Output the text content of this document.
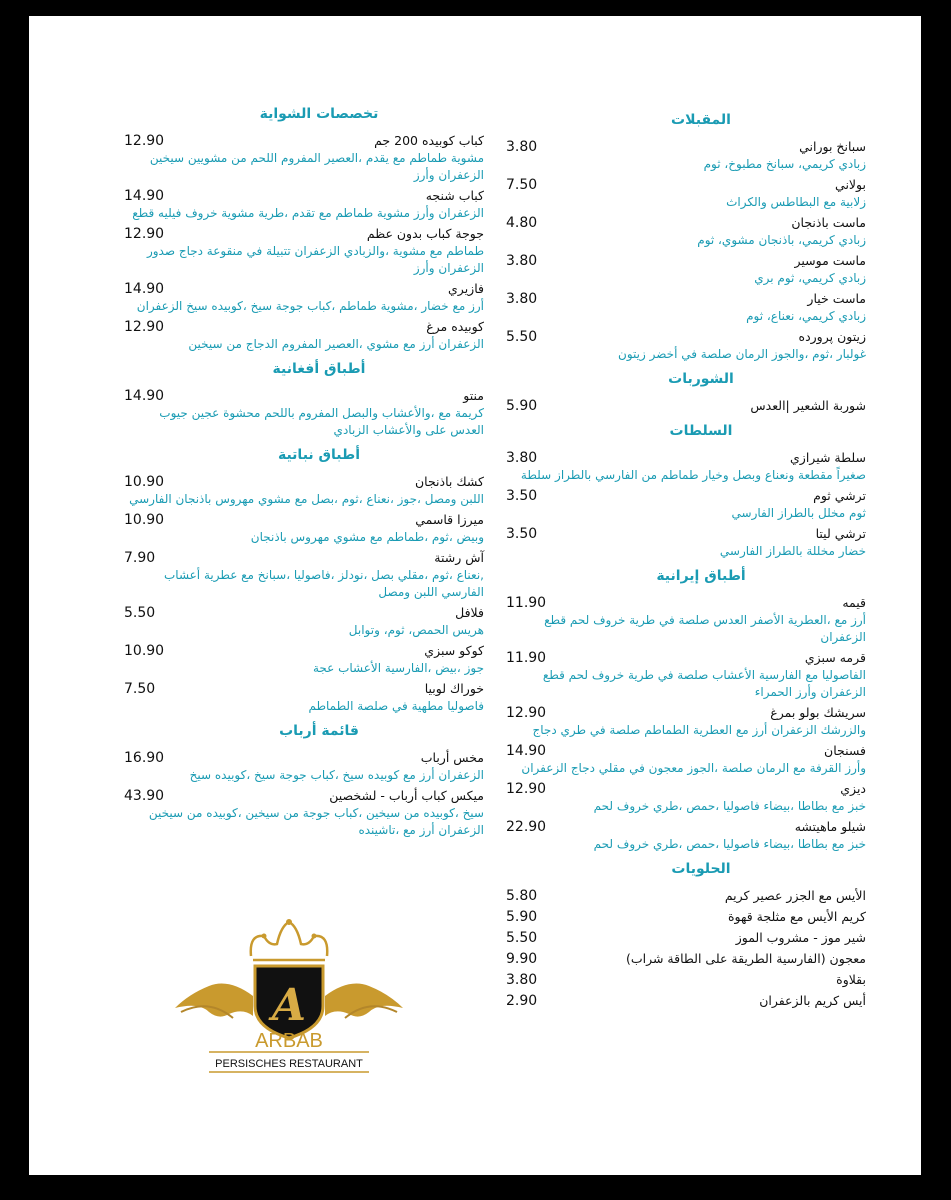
تخصصات الشواية
12.90	كباب كوبيده 200 جم
مشوية طماطم مع يقدم ،العصير المفروم اللحم من مشويين سيخين الزعفران وأرز
14.90	كباب شنجه
الزعفران وأرز مشوية طماطم مع تقدم ،طرية مشوية خروف فيليه قطع
12.90	جوجة كباب بدون عظم
طماطم مع مشوية ،والزبادي الزعفران تتبيلة في منقوعة دجاج صدور الزعفران وأرز
14.90	فازيري
أرز مع خضار ،مشوية طماطم ،كباب جوجة سيخ ،كوبيده سيخ الزعفران
12.90	كوبيده مرغ
الزعفران أرز مع مشوي ،العصير المفروم الدجاج من سيخين
أطباق أفغانية
14.90	منتو
كريمة مع ،والأعشاب والبصل المفروم باللحم محشوة عجين جيوب العدس على والأعشاب الزبادي
أطباق نباتية
10.90	كشك باذنجان
اللبن ومصل ،جوز ،نعناع ،ثوم ،بصل مع مشوي مهروس باذنجان الفارسي
10.90	ميرزا قاسمي
وبيض ،ثوم ،طماطم مع مشوي مهروس باذنجان
7.90	آش رشتة
,نعناع ،ثوم ،مقلي بصل ،نودلز ،فاصوليا ،سبانخ مع عطرية أعشاب الفارسي اللبن ومصل
5.50	فلافل
هريس الحمص، ثوم، وتوابل
10.90	كوكو سبزي
جوز ،بيض ،الفارسية الأعشاب عجة
7.50	خوراك لوبيا
فاصوليا مطهية في صلصة الطماطم
قائمة أرباب
16.90	مخس أرباب
الزعفران أرز مع كوبيده سيخ ،كباب جوجة سيخ ،كوبيده سيخ
43.90	ميكس كباب أرباب - لشخصين
سيخ ،كوبيده من سيخين ،كباب جوجة من سيخين ،كوبيده من سيخين الزعفران أرز مع ،تاشينده
المقبلات
3.80	سبانخ بوراني
زبادي كريمي، سبانخ مطبوخ، ثوم
7.50	بولاني
زلابية مع البطاطس والكراث
4.80	ماست باذنجان
زبادي كريمي، باذنجان مشوي، ثوم
3.80	ماست موسير
زبادي كريمي، ثوم بري
3.80	ماست خيار
زبادي كريمي، نعناع، ثوم
5.50	زيتون پرورده
غولبار ،ثوم ،والجوز الرمان صلصة في أخضر زيتون
الشوربات
5.90	شوربة الشعير |العدس
السلطات
3.80	سلطة شيرازي
صغيراً مقطعة ونعناع وبصل وخيار طماطم من الفارسي بالطراز سلطة
3.50	ترشي ثوم
ثوم مخلل بالطراز الفارسي
3.50	ترشي ليتا
خضار مخللة بالطراز الفارسي
أطباق إيرانية
11.90	قيمه
أرز مع ،العطرية الأصفر العدس صلصة في طرية خروف لحم قطع الزعفران
11.90	قرمه سبزي
الفاصوليا مع الفارسية الأعشاب صلصة في طرية خروف لحم قطع الزعفران وأرز الحمراء
12.90	سريشك بولو بمرغ
والزرشك الزعفران أرز مع العطرية الطماطم صلصة في طري دجاج
14.90	فسنجان
وأرز القرفة مع الرمان صلصة ،الجوز معجون في مقلي دجاج الزعفران
12.90	ديزي
خبز مع بطاطا ،بيضاء فاصوليا ،حمص ،طري خروف لحم
22.90	شيلو ماهيتشه
خبز مع بطاطا ،بيضاء فاصوليا ،حمص ،طري خروف لحم
الحلويات
5.80	الأيس مع الجزر عصير كريم
5.90	كريم الأيس مع مثلجة قهوة
5.50	شير موز - مشروب الموز
9.90	معجون (الفارسية الطريقة على الطاقة شراب)
3.80	بقلاوة
2.90	أيس كريم بالزعفران
A
ARBAB
PERSISCHES RESTAURANT
